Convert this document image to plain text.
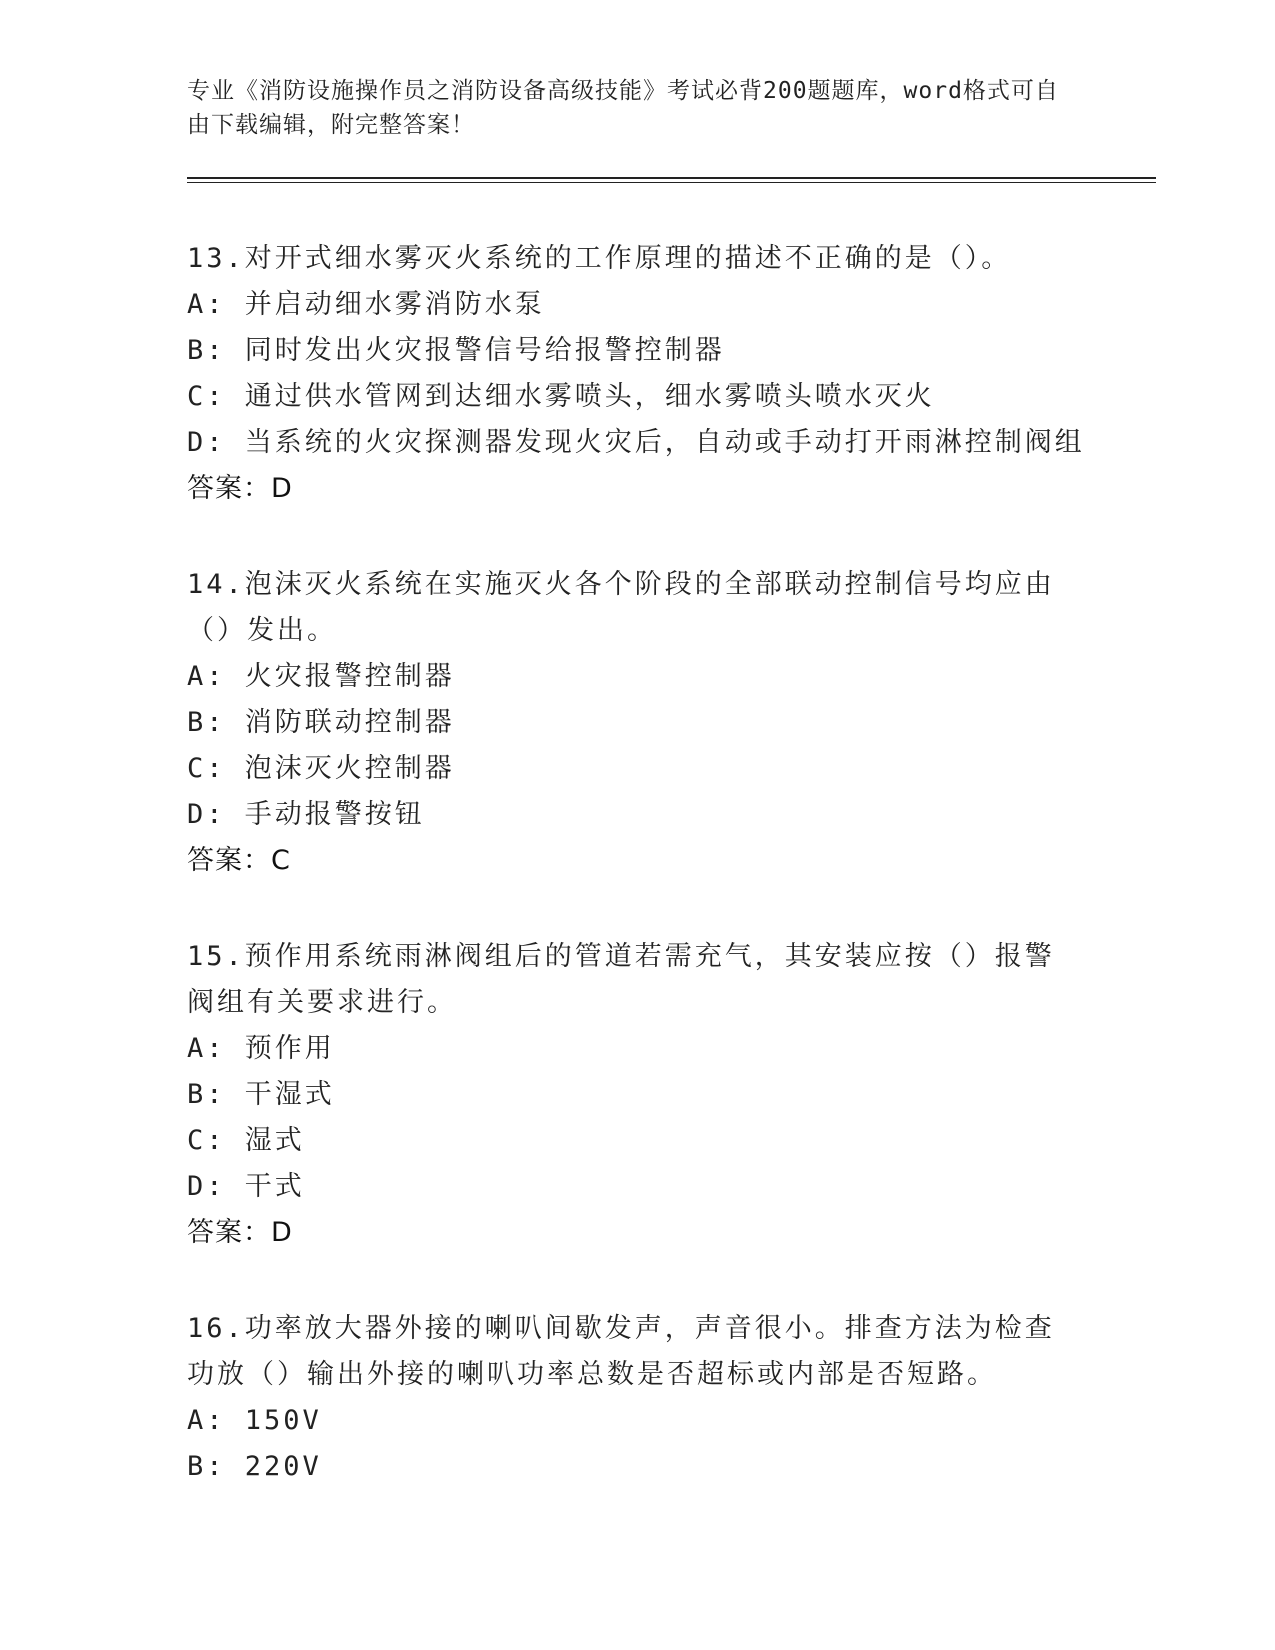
专业《消防设施操作员之消防设备高级技能》考试必背200题题库，word格式可自由下载编辑，附完整答案！
13.对开式细水雾灭火系统的工作原理的描述不正确的是（）。
A: 并启动细水雾消防水泵
B: 同时发出火灾报警信号给报警控制器
C: 通过供水管网到达细水雾喷头，细水雾喷头喷水灭火
D: 当系统的火灾探测器发现火灾后，自动或手动打开雨淋控制阀组
答案：D
14.泡沫灭火系统在实施灭火各个阶段的全部联动控制信号均应由（）发出。
A: 火灾报警控制器
B: 消防联动控制器
C: 泡沫灭火控制器
D: 手动报警按钮
答案：C
15.预作用系统雨淋阀组后的管道若需充气，其安装应按（）报警阀组有关要求进行。
A: 预作用
B: 干湿式
C: 湿式
D: 干式
答案：D
16.功率放大器外接的喇叭间歇发声，声音很小。排查方法为检查功放（）输出外接的喇叭功率总数是否超标或内部是否短路。
A: 150V
B: 220V
